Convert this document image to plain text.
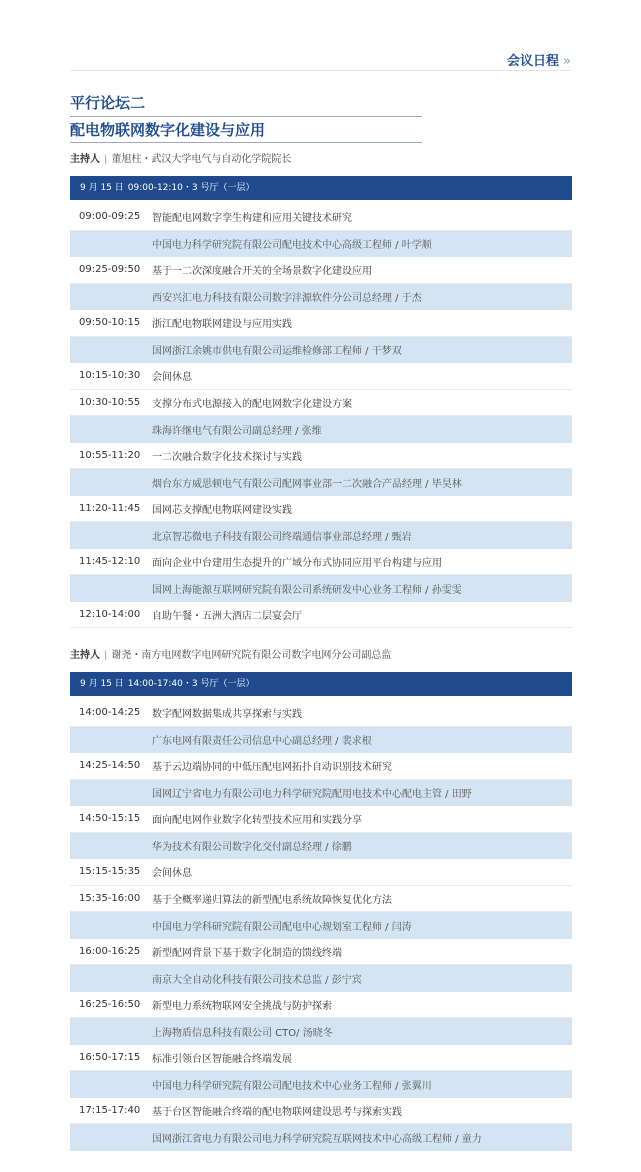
会议日程 »
平行论坛二
配电物联网数字化建设与应用
主持人 | 董旭柱・武汉大学电气与自动化学院院长
9 月 15 日 09:00-12:10・3 号厅（一层）
09:00-09:25	智能配电网数字孪生构建和应用关键技术研究
中国电力科学研究院有限公司配电技术中心高级工程师 / 叶学顺
09:25-09:50	基于一二次深度融合开关的全场景数字化建设应用
西安兴汇电力科技有限公司数字沣源软件分公司总经理 / 于杰
09:50-10:15	浙江配电物联网建设与应用实践
国网浙江余姚市供电有限公司运维检修部工程师 / 干梦双
10:15-10:30	会间休息
10:30-10:55	支撑分布式电源接入的配电网数字化建设方案
珠海许继电气有限公司副总经理 / 张维
10:55-11:20	一二次融合数字化技术探讨与实践
烟台东方威思顿电气有限公司配网事业部一二次融合产品经理 / 毕昊林
11:20-11:45	国网芯支撑配电物联网建设实践
北京智芯微电子科技有限公司终端通信事业部总经理 / 甄岩
11:45-12:10	面向企业中台建用生态提升的广域分布式协同应用平台构建与应用
国网上海能源互联网研究院有限公司系统研发中心业务工程师 / 孙雯雯
12:10-14:00	自助午餐・五洲大酒店二层宴会厅
主持人 | 谢尧・南方电网数字电网研究院有限公司数字电网分公司副总监
9 月 15 日 14:00-17:40・3 号厅（一层）
14:00-14:25	数字配网数据集成共享探索与实践
广东电网有限责任公司信息中心副总经理 / 裴求根
14:25-14:50	基于云边端协同的中低压配电网拓扑自动识别技术研究
国网辽宁省电力有限公司电力科学研究院配用电技术中心配电主管 / 田野
14:50-15:15	面向配电网作业数字化转型技术应用和实践分享
华为技术有限公司数字化交付副总经理 / 徐鹏
15:15-15:35	会间休息
15:35-16:00	基于全概率递归算法的新型配电系统故障恢复优化方法
中国电力学科研究院有限公司配电中心规划室工程师 / 闫涛
16:00-16:25	新型配网背景下基于数字化制造的馈线终端
南京大全自动化科技有限公司技术总监 / 彭宁宾
16:25-16:50	新型电力系统物联网安全挑战与防护探索
上海物盾信息科技有限公司 CTO/ 汤晓冬
16:50-17:15	标准引领台区智能融合终端发展
中国电力科学研究院有限公司配电技术中心业务工程师 / 张翼川
17:15-17:40	基于台区智能融合终端的配电物联网建设思考与探索实践
国网浙江省电力有限公司电力科学研究院互联网技术中心高级工程师 / 童力
